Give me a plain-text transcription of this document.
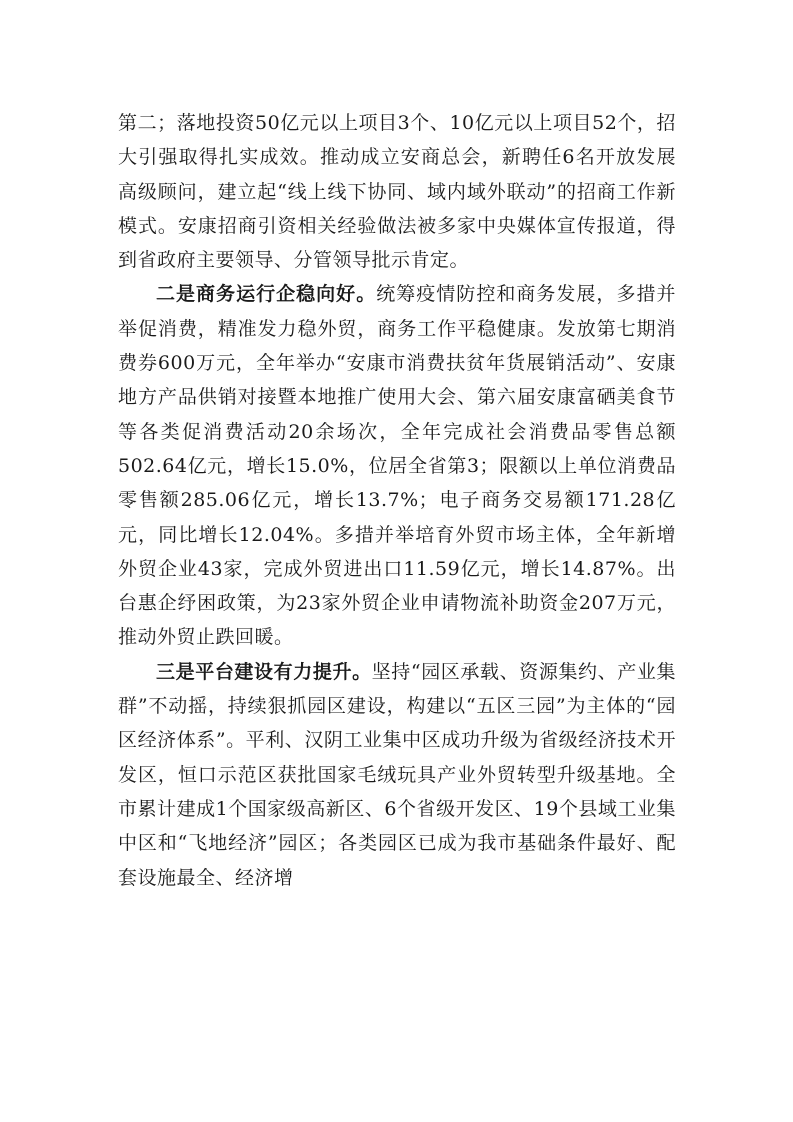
第二；落地投资50亿元以上项目3个、10亿元以上项目52个，招大引强取得扎实成效。推动成立安商总会，新聘任6名开放发展高级顾问，建立起“线上线下协同、域内域外联动”的招商工作新模式。安康招商引资相关经验做法被多家中央媒体宣传报道，得到省政府主要领导、分管领导批示肯定。

二是商务运行企稳向好。统筹疫情防控和商务发展，多措并举促消费，精准发力稳外贸，商务工作平稳健康。发放第七期消费券600万元，全年举办“安康市消费扶贫年货展销活动”、安康地方产品供销对接暨本地推广使用大会、第六届安康富硒美食节等各类促消费活动20余场次，全年完成社会消费品零售总额502.64亿元，增长15.0%，位居全省第3；限额以上单位消费品零售额285.06亿元，增长13.7%；电子商务交易额171.28亿元，同比增长12.04%。多措并举培育外贸市场主体，全年新增外贸企业43家，完成外贸进出口11.59亿元，增长14.87%。出台惠企纾困政策，为23家外贸企业申请物流补助资金207万元，推动外贸止跌回暖。

三是平台建设有力提升。坚持“园区承载、资源集约、产业集群”不动摇，持续狠抓园区建设，构建以“五区三园”为主体的“园区经济体系”。平利、汉阴工业集中区成功升级为省级经济技术开发区，恒口示范区获批国家毛绒玩具产业外贸转型升级基地。全市累计建成1个国家级高新区、6个省级开发区、19个县域工业集中区和“飞地经济”园区；各类园区已成为我市基础条件最好、配套设施最全、经济增
